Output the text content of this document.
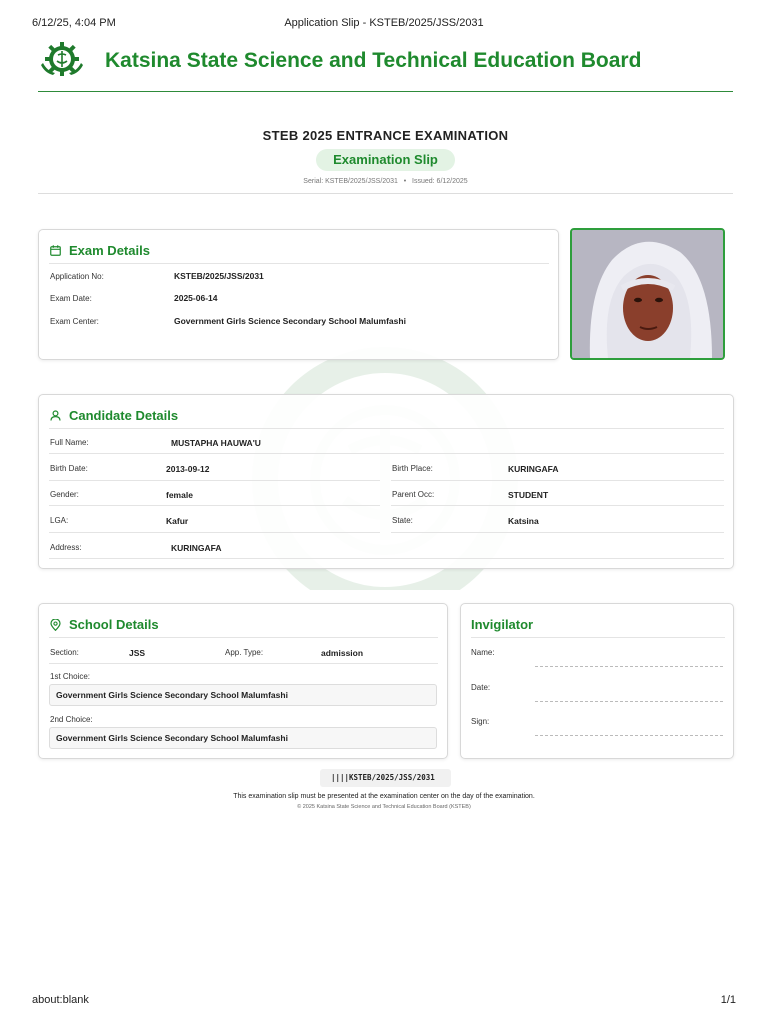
6/12/25, 4:04 PM	Application Slip - KSTEB/2025/JSS/2031
Katsina State Science and Technical Education Board
STEB 2025 ENTRANCE EXAMINATION
Examination Slip
Serial: KSTEB/2025/JSS/2031 • Issued: 6/12/2025
Exam Details
Application No:	KSTEB/2025/JSS/2031
Exam Date:	2025-06-14
Exam Center:	Government Girls Science Secondary School Malumfashi
Candidate Details
Full Name:	MUSTAPHA HAUWA'U
Birth Date:	2013-09-12	Birth Place:	KURINGAFA
Gender:	female	Parent Occ:	STUDENT
LGA:	Kafur	State:	Katsina
Address:	KURINGAFA
School Details
Section:	JSS	App. Type:	admission
1st Choice:
Government Girls Science Secondary School Malumfashi
2nd Choice:
Government Girls Science Secondary School Malumfashi
Invigilator
Name:
Date:
Sign:
|||| KSTEB/2025/JSS/2031
This examination slip must be presented at the examination center on the day of the examination.
© 2025 Katsina State Science and Technical Education Board (KSTEB)
about:blank	1/1
